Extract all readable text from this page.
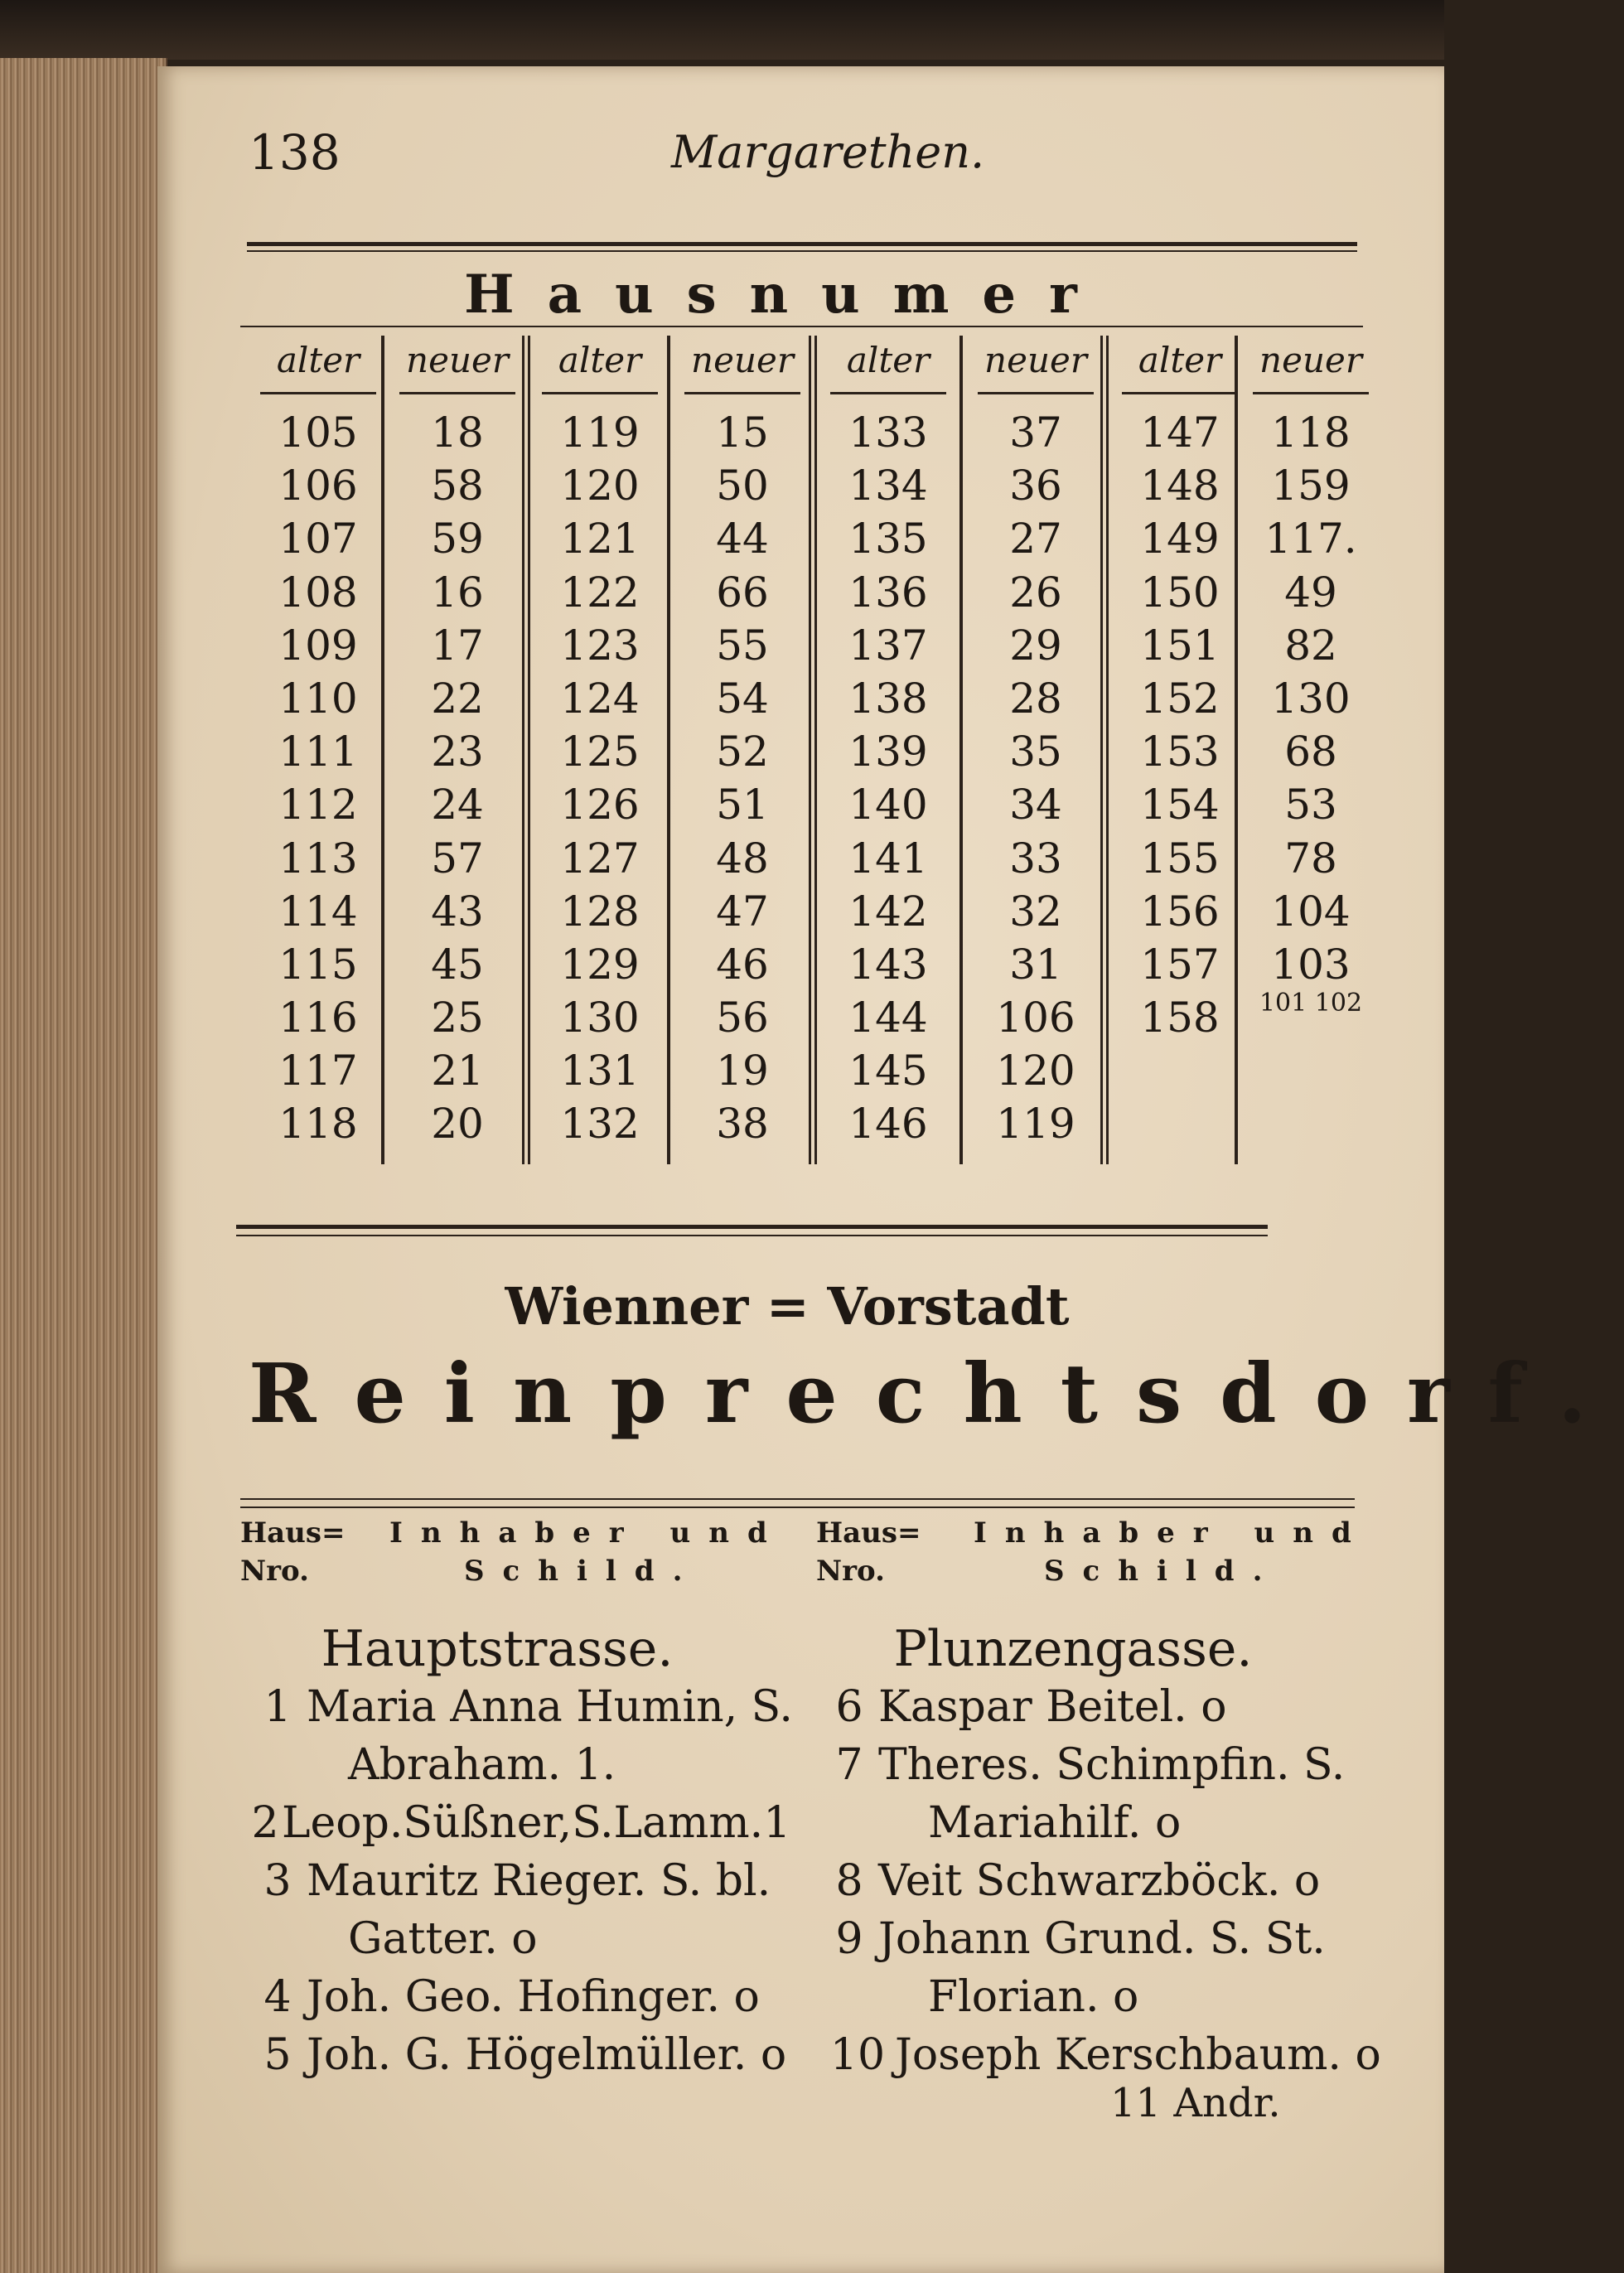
138	Margarethen.
Hausnumer
alter
105
106
107
108
109
110
111
112
113
114
115
116
117
118
neuer
18
58
59
16
17
22
23
24
57
43
45
25
21
20
alter
119
120
121
122
123
124
125
126
127
128
129
130
131
132
neuer
15
50
44
66
55
54
52
51
48
47
46
56
19
38
alter
133
134
135
136
137
138
139
140
141
142
143
144
145
146
neuer
37
36
27
26
29
28
35
34
33
32
31
106
120
119
alter
147
148
149
150
151
152
153
154
155
156
157
158
neuer
118
159
117.
49
82
130
68
53
78
104
103
101 102
Wienner = Vorstadt
Reinprechtsdorf.
Haus=
Nro.
Inhaber und
Schild.
Haus=
Nro.
Inhaber und
Schild.
Hauptstrasse.	Plunzengasse.
1 Maria Anna Humin, S.
Abraham. 1.
2Leop.Süßner,S.Lamm.1
3 Mauritz Rieger. S. bl.
Gatter. o
4 Joh. Geo. Hofinger. o
5 Joh. G. Högelmüller. o
6 Kaspar Beitel. o
7 Theres. Schimpfin. S.
Mariahilf. o
8 Veit Schwarzböck. o
9 Johann Grund. S. St.
Florian. o
10 Joseph Kerschbaum. o
11 Andr.
